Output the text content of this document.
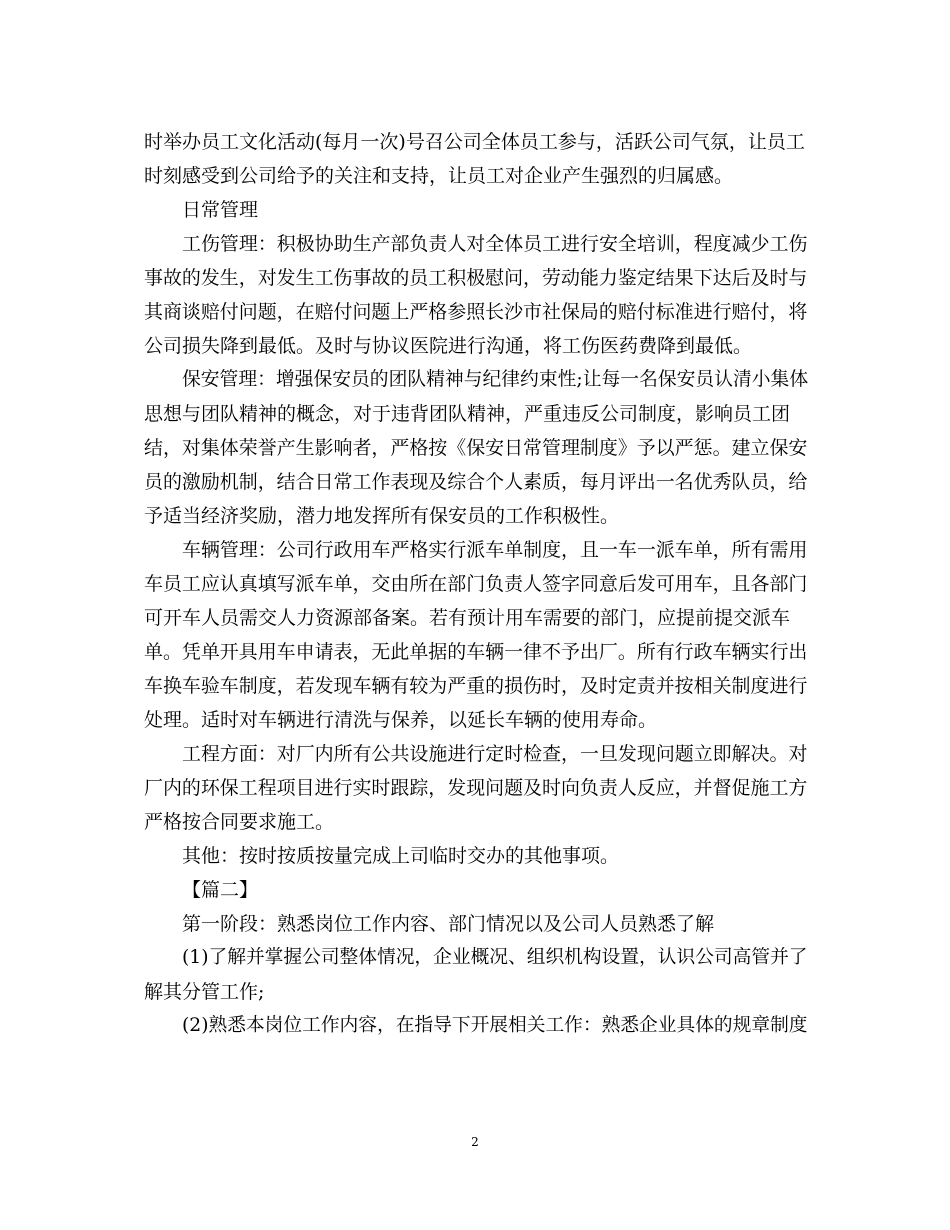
时举办员工文化活动(每月一次)号召公司全体员工参与，活跃公司气氛，让员工
时刻感受到公司给予的关注和支持，让员工对企业产生强烈的归属感。
日常管理
工伤管理：积极协助生产部负责人对全体员工进行安全培训，程度减少工伤
事故的发生，对发生工伤事故的员工积极慰问，劳动能力鉴定结果下达后及时与
其商谈赔付问题，在赔付问题上严格参照长沙市社保局的赔付标准进行赔付，将
公司损失降到最低。及时与协议医院进行沟通，将工伤医药费降到最低。
保安管理：增强保安员的团队精神与纪律约束性;让每一名保安员认清小集体
思想与团队精神的概念，对于违背团队精神，严重违反公司制度，影响员工团
结，对集体荣誉产生影响者，严格按《保安日常管理制度》予以严惩。建立保安
员的激励机制，结合日常工作表现及综合个人素质，每月评出一名优秀队员，给
予适当经济奖励，潜力地发挥所有保安员的工作积极性。
车辆管理：公司行政用车严格实行派车单制度，且一车一派车单，所有需用
车员工应认真填写派车单，交由所在部门负责人签字同意后发可用车，且各部门
可开车人员需交人力资源部备案。若有预计用车需要的部门，应提前提交派车
单。凭单开具用车申请表，无此单据的车辆一律不予出厂。所有行政车辆实行出
车换车验车制度，若发现车辆有较为严重的损伤时，及时定责并按相关制度进行
处理。适时对车辆进行清洗与保养，以延长车辆的使用寿命。
工程方面：对厂内所有公共设施进行定时检查，一旦发现问题立即解决。对
厂内的环保工程项目进行实时跟踪，发现问题及时向负责人反应，并督促施工方
严格按合同要求施工。
其他：按时按质按量完成上司临时交办的其他事项。
【篇二】
第一阶段：熟悉岗位工作内容、部门情况以及公司人员熟悉了解
(1)了解并掌握公司整体情况，企业概况、组织机构设置，认识公司高管并了
解其分管工作;
(2)熟悉本岗位工作内容，在指导下开展相关工作：熟悉企业具体的规章制度
2
